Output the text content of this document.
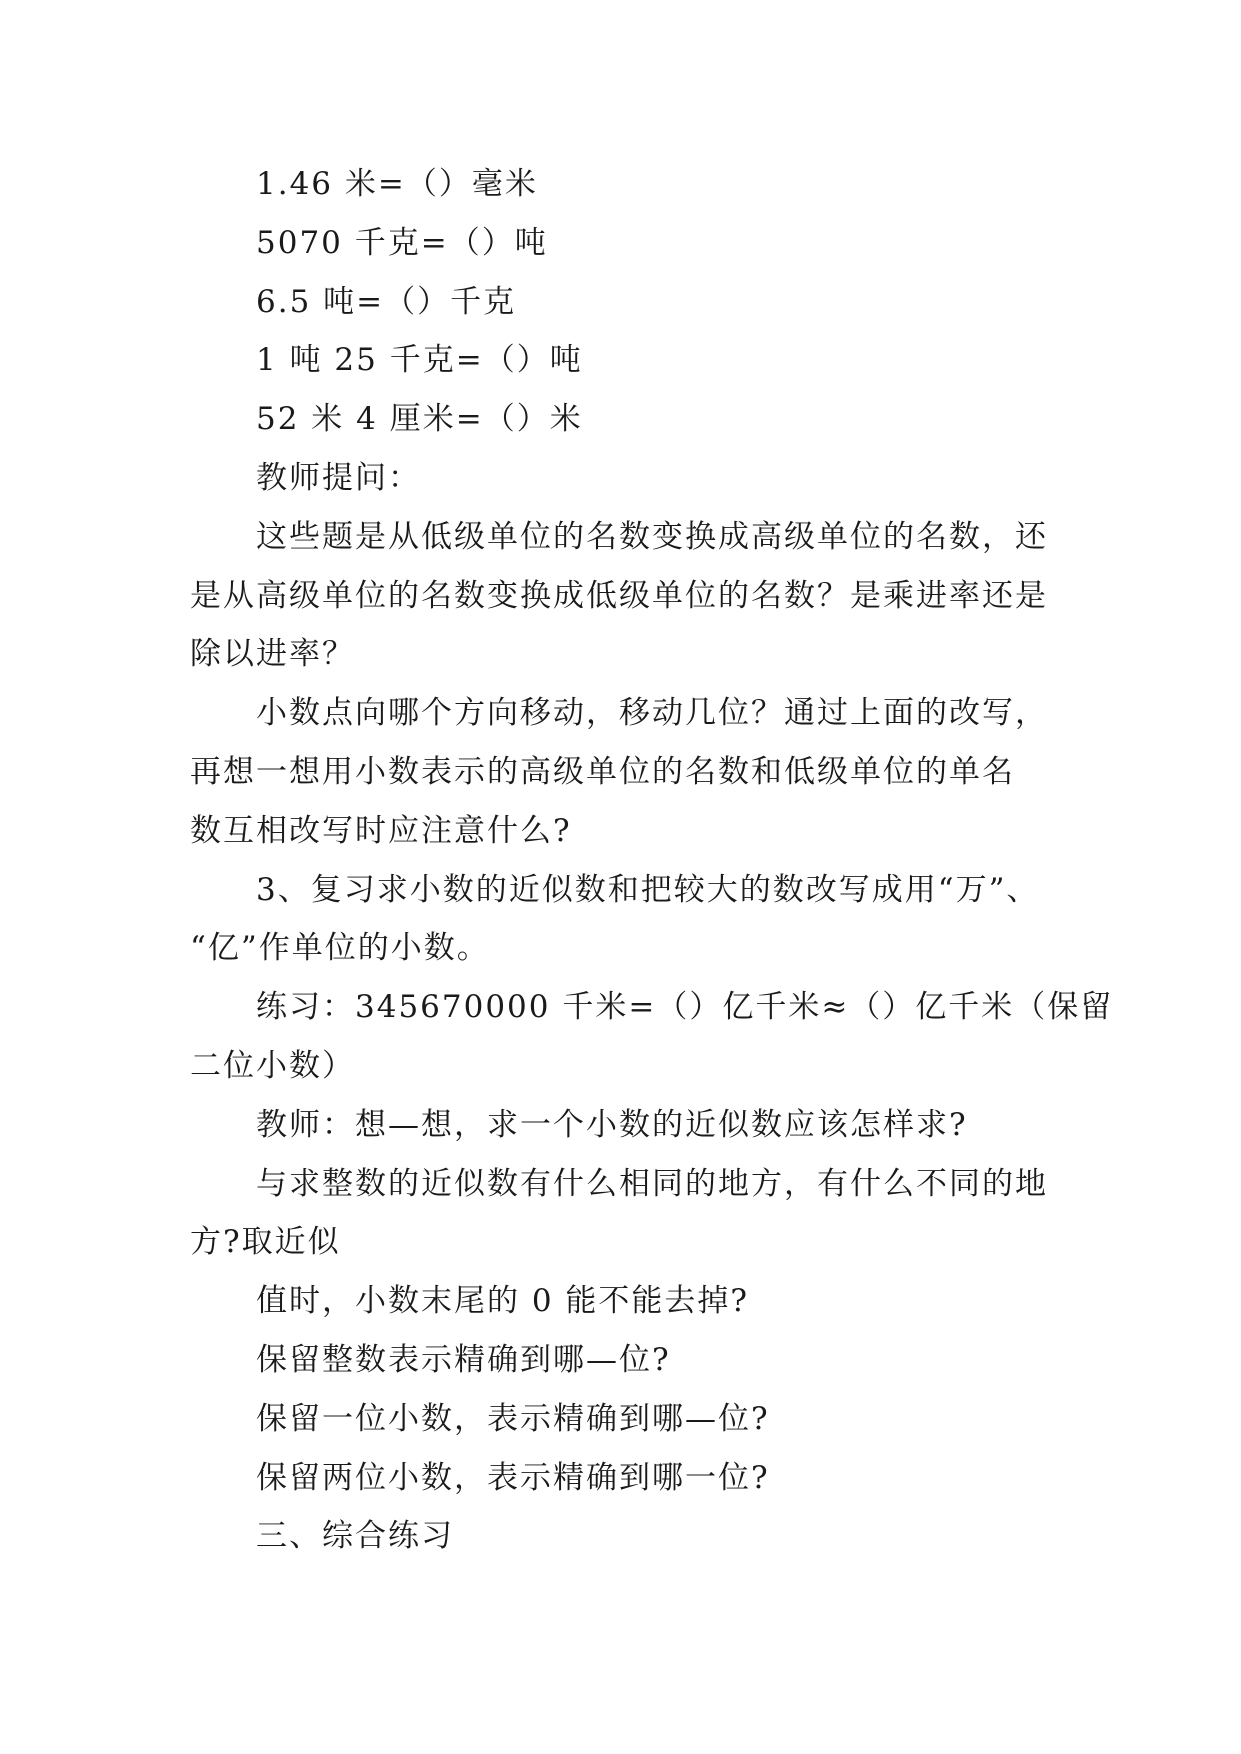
1.46 米=（）毫米

5070 千克=（）吨

6.5 吨=（）千克

1 吨 25 千克=（）吨

52 米 4 厘米=（）米

教师提问：

这些题是从低级单位的名数变换成高级单位的名数，还

是从高级单位的名数变换成低级单位的名数？是乘进率还是

除以进率？

小数点向哪个方向移动，移动几位？通过上面的改写，

再想一想用小数表示的高级单位的名数和低级单位的单名

数互相改写时应注意什么?

3、复习求小数的近似数和把较大的数改写成用“万”、

“亿”作单位的小数。

练习：345670000 千米=（）亿千米≈（）亿千米（保留

二位小数）

教师：想—想，求一个小数的近似数应该怎样求?

与求整数的近似数有什么相同的地方，有什么不同的地

方?取近似

值时，小数末尾的 0 能不能去掉?

保留整数表示精确到哪—位?

保留一位小数，表示精确到哪—位?

保留两位小数，表示精确到哪一位?

三、综合练习
